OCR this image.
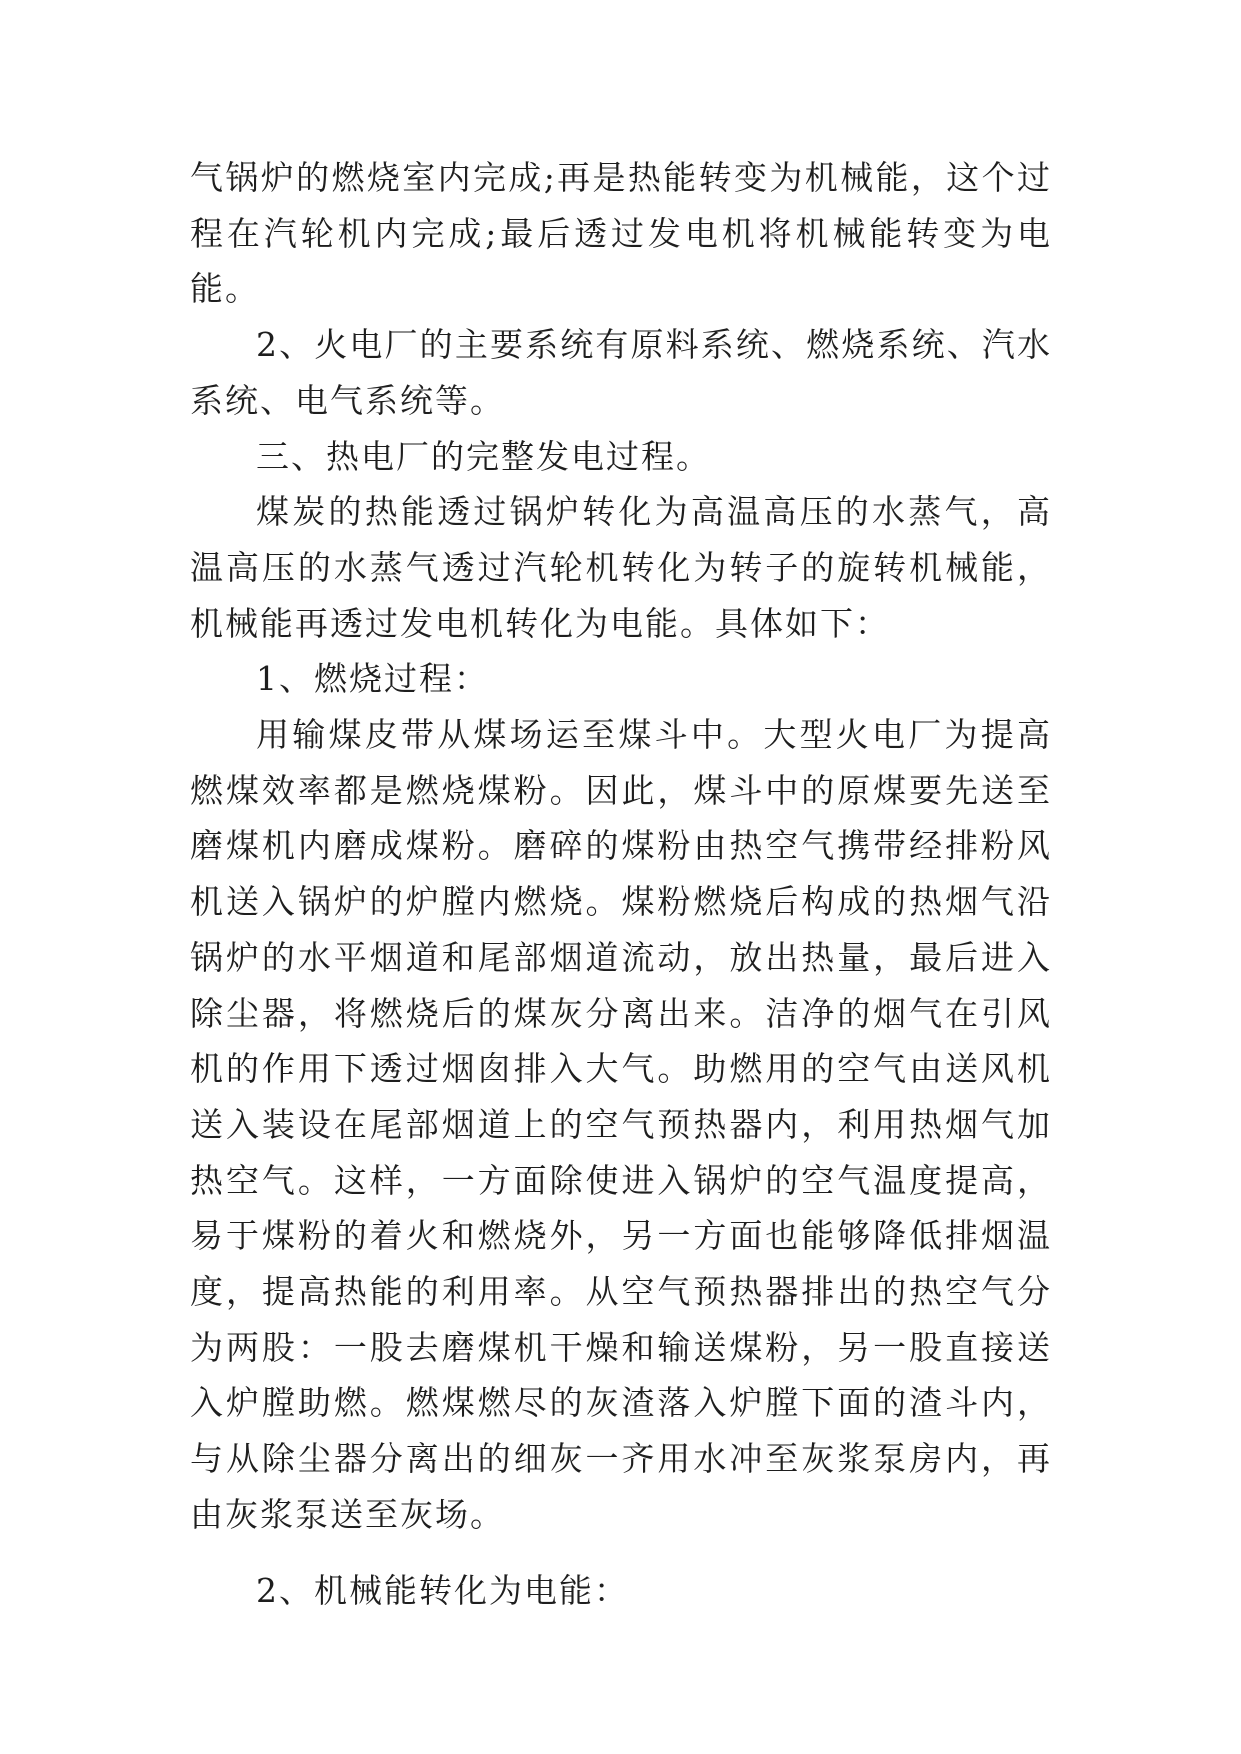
气锅炉的燃烧室内完成;再是热能转变为机械能，这个过程在汽轮机内完成;最后透过发电机将机械能转变为电能。

2、火电厂的主要系统有原料系统、燃烧系统、汽水系统、电气系统等。

三、热电厂的完整发电过程。

煤炭的热能透过锅炉转化为高温高压的水蒸气，高温高压的水蒸气透过汽轮机转化为转子的旋转机械能，机械能再透过发电机转化为电能。具体如下：

1、燃烧过程：

用输煤皮带从煤场运至煤斗中。大型火电厂为提高燃煤效率都是燃烧煤粉。因此，煤斗中的原煤要先送至磨煤机内磨成煤粉。磨碎的煤粉由热空气携带经排粉风机送入锅炉的炉膛内燃烧。煤粉燃烧后构成的热烟气沿锅炉的水平烟道和尾部烟道流动，放出热量，最后进入除尘器，将燃烧后的煤灰分离出来。洁净的烟气在引风机的作用下透过烟囱排入大气。助燃用的空气由送风机送入装设在尾部烟道上的空气预热器内，利用热烟气加热空气。这样，一方面除使进入锅炉的空气温度提高，易于煤粉的着火和燃烧外，另一方面也能够降低排烟温度，提高热能的利用率。从空气预热器排出的热空气分为两股：一股去磨煤机干燥和输送煤粉，另一股直接送入炉膛助燃。燃煤燃尽的灰渣落入炉膛下面的渣斗内，与从除尘器分离出的细灰一齐用水冲至灰浆泵房内，再由灰浆泵送至灰场。

2、机械能转化为电能：
